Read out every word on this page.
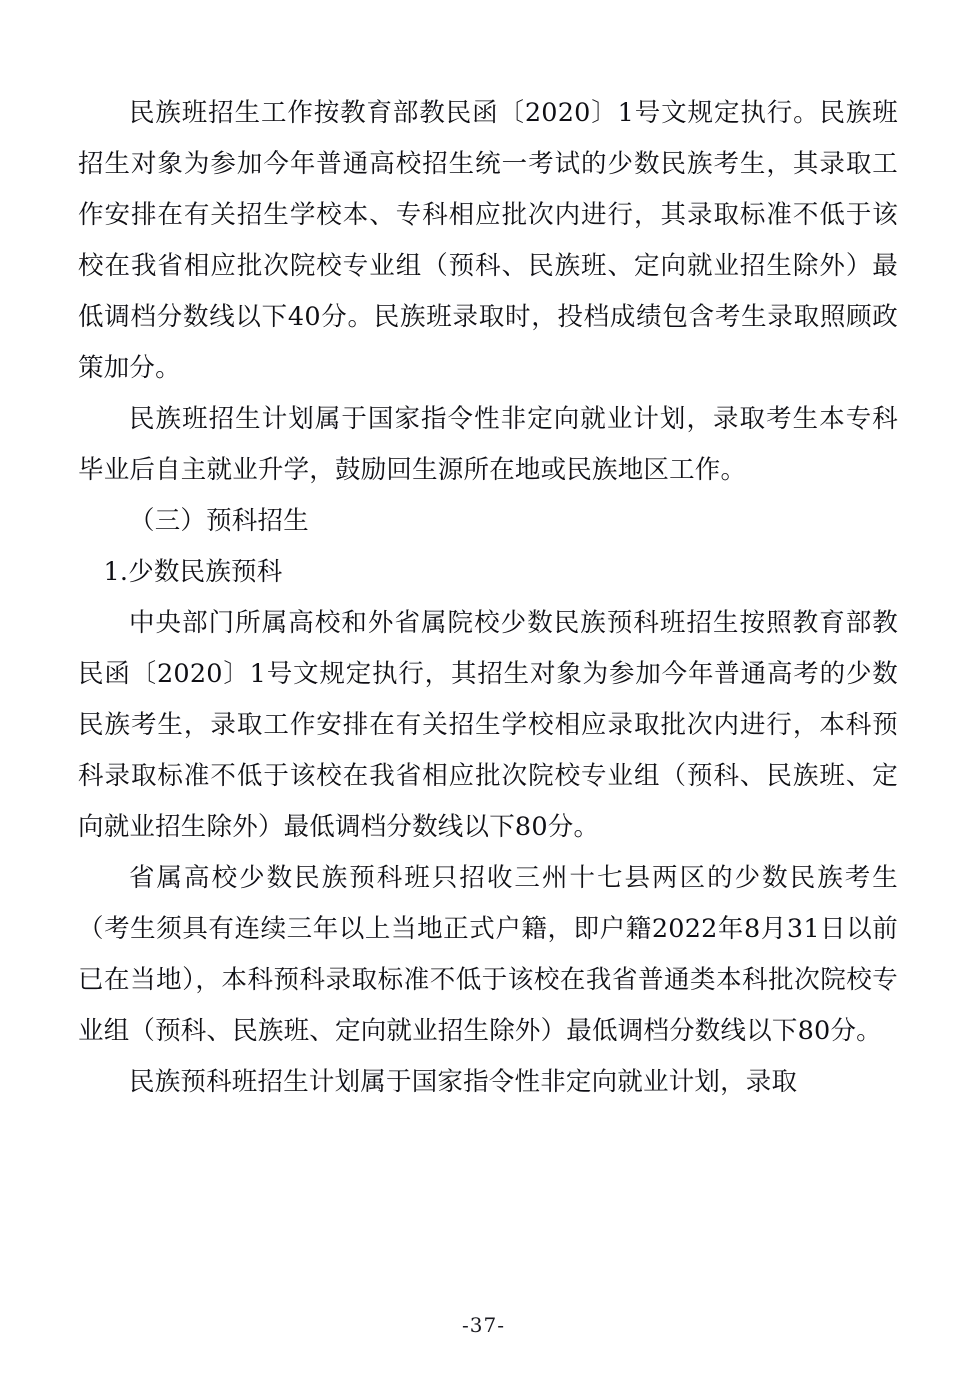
民族班招生工作按教育部教民函〔2020〕1号文规定执行。民族班招生对象为参加今年普通高校招生统一考试的少数民族考生，其录取工作安排在有关招生学校本、专科相应批次内进行，其录取标准不低于该校在我省相应批次院校专业组（预科、民族班、定向就业招生除外）最低调档分数线以下40分。民族班录取时，投档成绩包含考生录取照顾政策加分。

民族班招生计划属于国家指令性非定向就业计划，录取考生本专科毕业后自主就业升学，鼓励回生源所在地或民族地区工作。

（三）预科招生

1.少数民族预科

中央部门所属高校和外省属院校少数民族预科班招生按照教育部教民函〔2020〕1号文规定执行，其招生对象为参加今年普通高考的少数民族考生，录取工作安排在有关招生学校相应录取批次内进行，本科预科录取标准不低于该校在我省相应批次院校专业组（预科、民族班、定向就业招生除外）最低调档分数线以下80分。

省属高校少数民族预科班只招收三州十七县两区的少数民族考生（考生须具有连续三年以上当地正式户籍，即户籍2022年8月31日以前已在当地），本科预科录取标准不低于该校在我省普通类本科批次院校专业组（预科、民族班、定向就业招生除外）最低调档分数线以下80分。

民族预科班招生计划属于国家指令性非定向就业计划，录取

-37-
